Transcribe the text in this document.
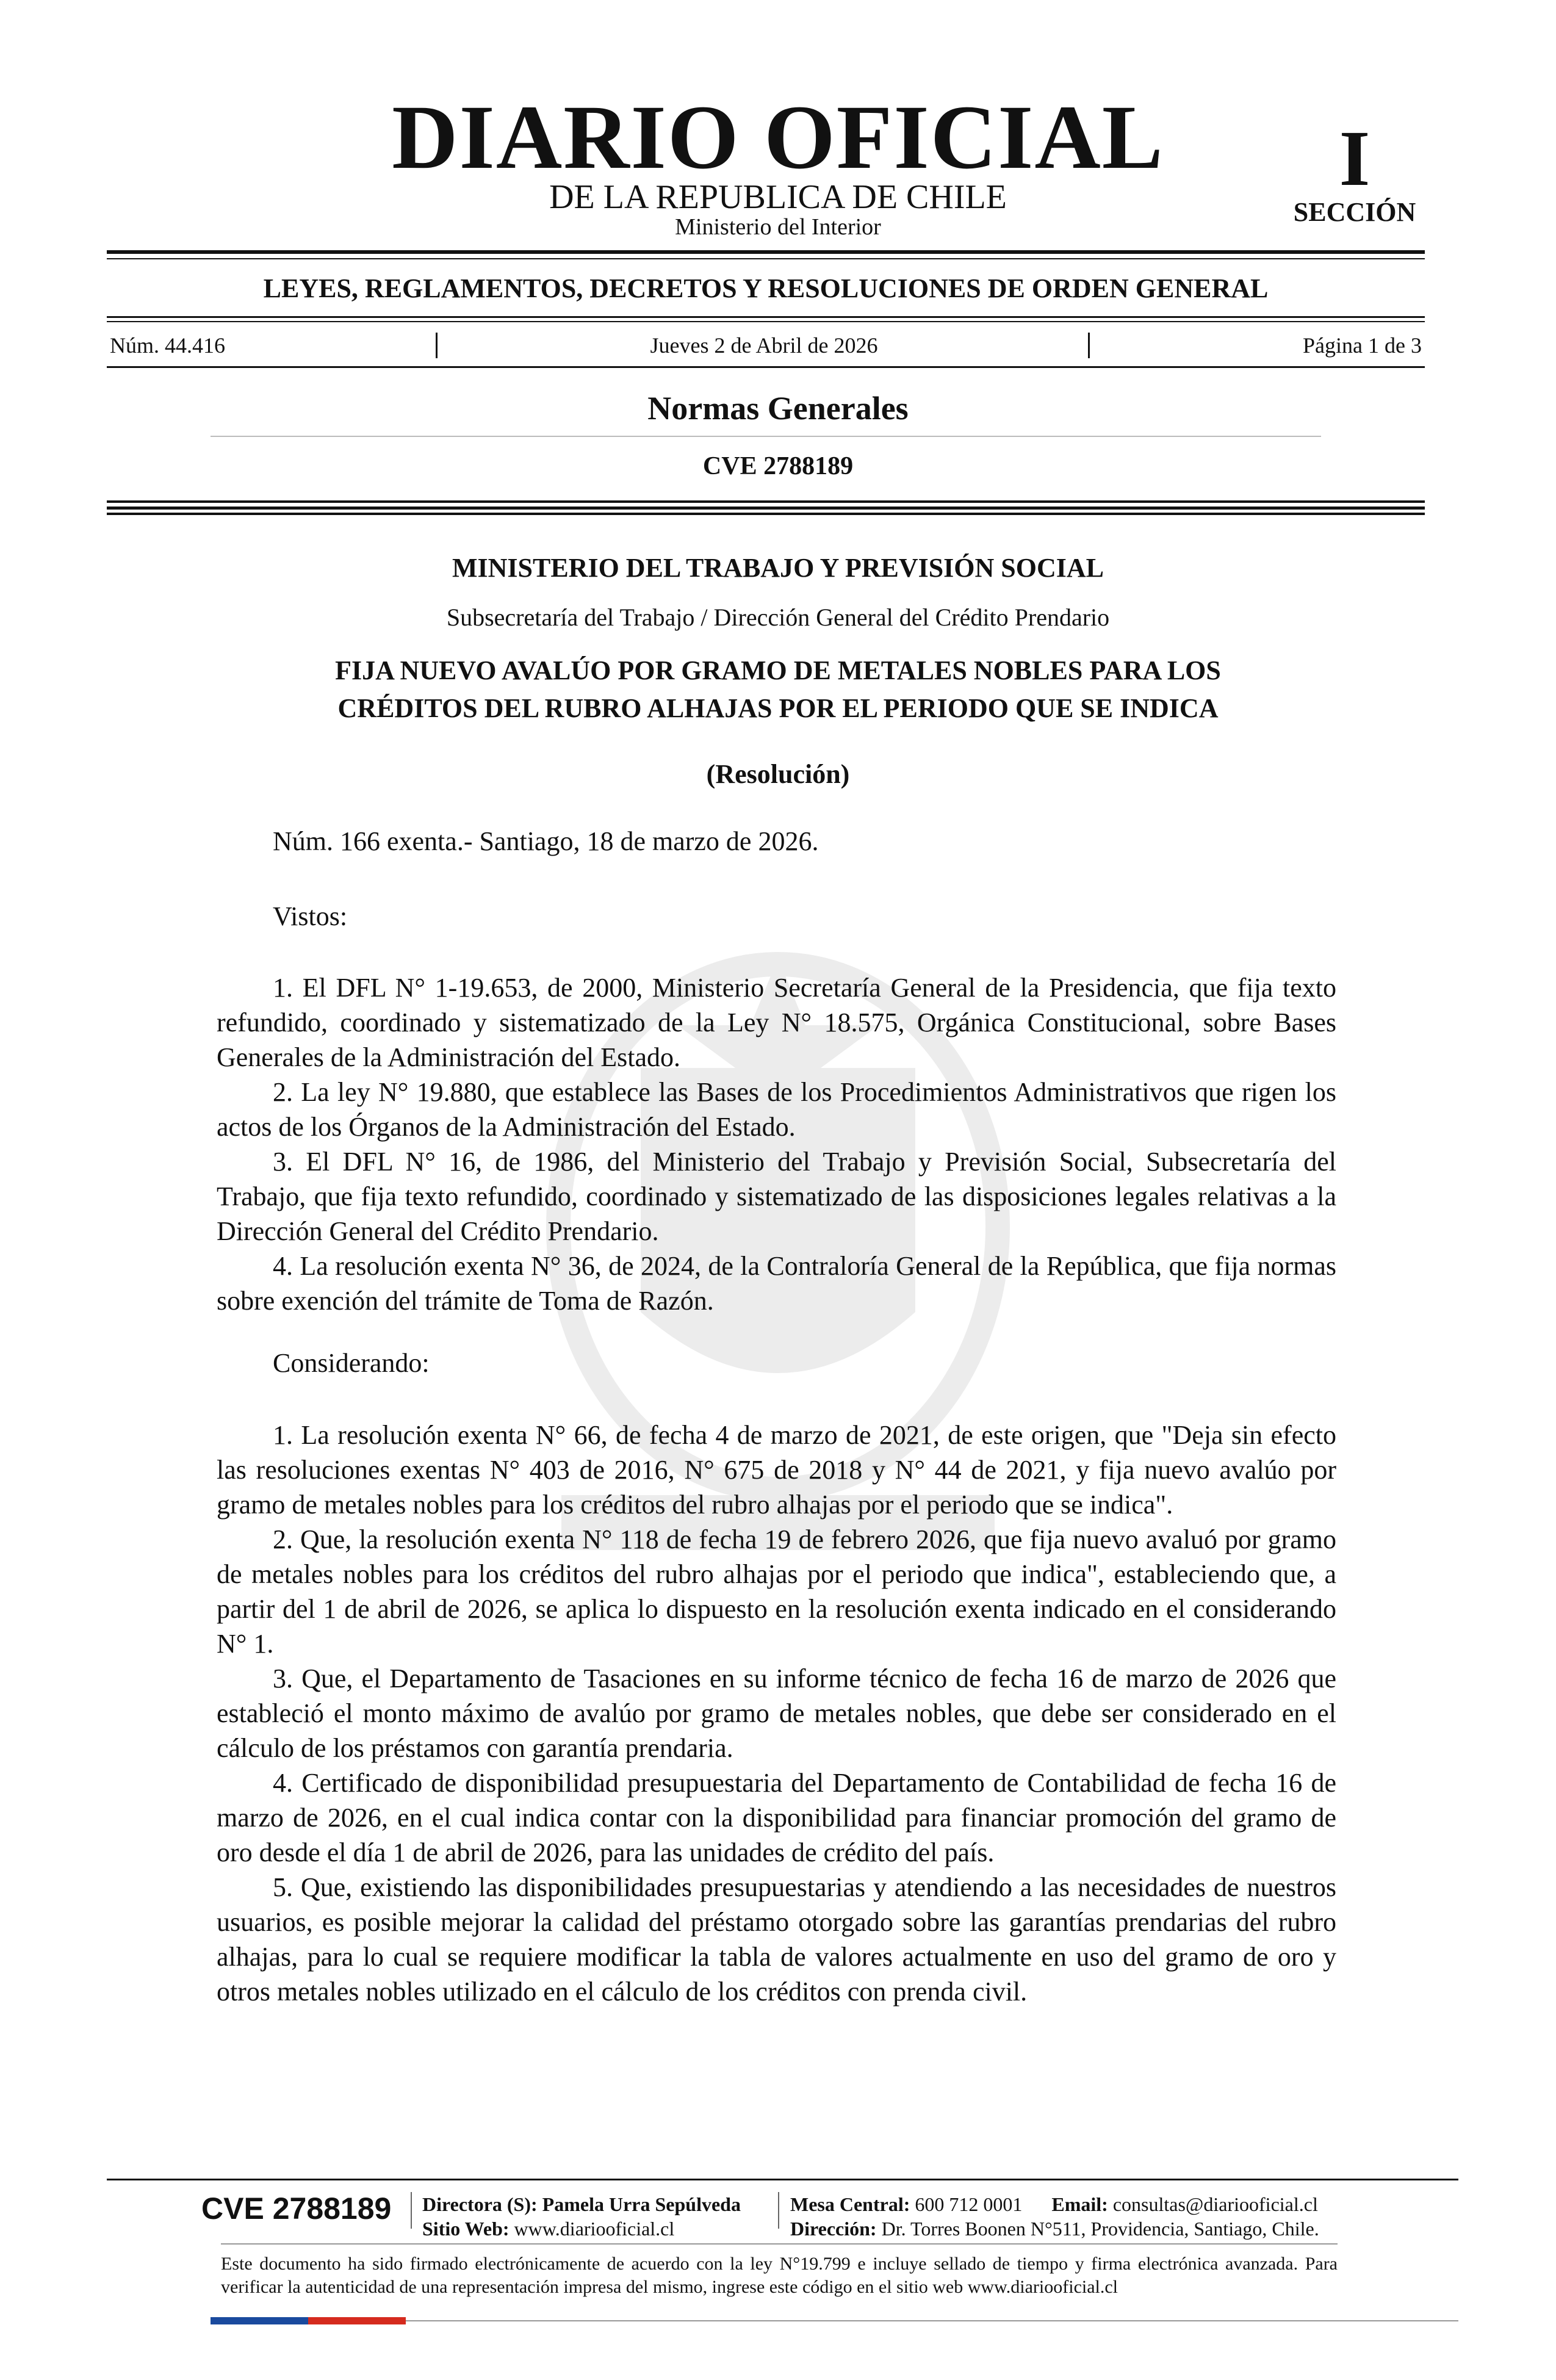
DIARIO OFICIAL
DE LA REPUBLICA DE CHILE
Ministerio del Interior
I
SECCIÓN
LEYES, REGLAMENTOS, DECRETOS Y RESOLUCIONES DE ORDEN GENERAL
Núm. 44.416	Jueves 2 de Abril de 2026	Página 1 de 3
Normas Generales
CVE 2788189
MINISTERIO DEL TRABAJO Y PREVISIÓN SOCIAL
Subsecretaría del Trabajo / Dirección General del Crédito Prendario
FIJA NUEVO AVALÚO POR GRAMO DE METALES NOBLES PARA LOS
CRÉDITOS DEL RUBRO ALHAJAS POR EL PERIODO QUE SE INDICA
(Resolución)
Núm. 166 exenta.- Santiago, 18 de marzo de 2026.
Vistos:
1. El DFL N° 1-19.653, de 2000, Ministerio Secretaría General de la Presidencia, que fija texto refundido, coordinado y sistematizado de la Ley N° 18.575, Orgánica Constitucional, sobre Bases Generales de la Administración del Estado.
2. La ley N° 19.880, que establece las Bases de los Procedimientos Administrativos que rigen los actos de los Órganos de la Administración del Estado.
3. El DFL N° 16, de 1986, del Ministerio del Trabajo y Previsión Social, Subsecretaría del Trabajo, que fija texto refundido, coordinado y sistematizado de las disposiciones legales relativas a la Dirección General del Crédito Prendario.
4. La resolución exenta N° 36, de 2024, de la Contraloría General de la República, que fija normas sobre exención del trámite de Toma de Razón.
Considerando:
1. La resolución exenta N° 66, de fecha 4 de marzo de 2021, de este origen, que "Deja sin efecto las resoluciones exentas N° 403 de 2016, N° 675 de 2018 y N° 44 de 2021, y fija nuevo avalúo por gramo de metales nobles para los créditos del rubro alhajas por el periodo que se indica".
2. Que, la resolución exenta N° 118 de fecha 19 de febrero 2026, que fija nuevo avaluó por gramo de metales nobles para los créditos del rubro alhajas por el periodo que indica", estableciendo que, a partir del 1 de abril de 2026, se aplica lo dispuesto en la resolución exenta indicado en el considerando N° 1.
3. Que, el Departamento de Tasaciones en su informe técnico de fecha 16 de marzo de 2026 que estableció el monto máximo de avalúo por gramo de metales nobles, que debe ser considerado en el cálculo de los préstamos con garantía prendaria.
4. Certificado de disponibilidad presupuestaria del Departamento de Contabilidad de fecha 16 de marzo de 2026, en el cual indica contar con la disponibilidad para financiar promoción del gramo de oro desde el día 1 de abril de 2026, para las unidades de crédito del país.
5. Que, existiendo las disponibilidades presupuestarias y atendiendo a las necesidades de nuestros usuarios, es posible mejorar la calidad del préstamo otorgado sobre las garantías prendarias del rubro alhajas, para lo cual se requiere modificar la tabla de valores actualmente en uso del gramo de oro y otros metales nobles utilizado en el cálculo de los créditos con prenda civil.
CVE 2788189 Directora (S): Pamela Urra Sepúlveda
Sitio Web: www.diariooficial.cl
Mesa Central: 600 712 0001 Email: consultas@diariooficial.cl
Dirección: Dr. Torres Boonen N°511, Providencia, Santiago, Chile.
Este documento ha sido firmado electrónicamente de acuerdo con la ley N°19.799 e incluye sellado de tiempo y firma electrónica avanzada. Para verificar la autenticidad de una representación impresa del mismo, ingrese este código en el sitio web www.diariooficial.cl
